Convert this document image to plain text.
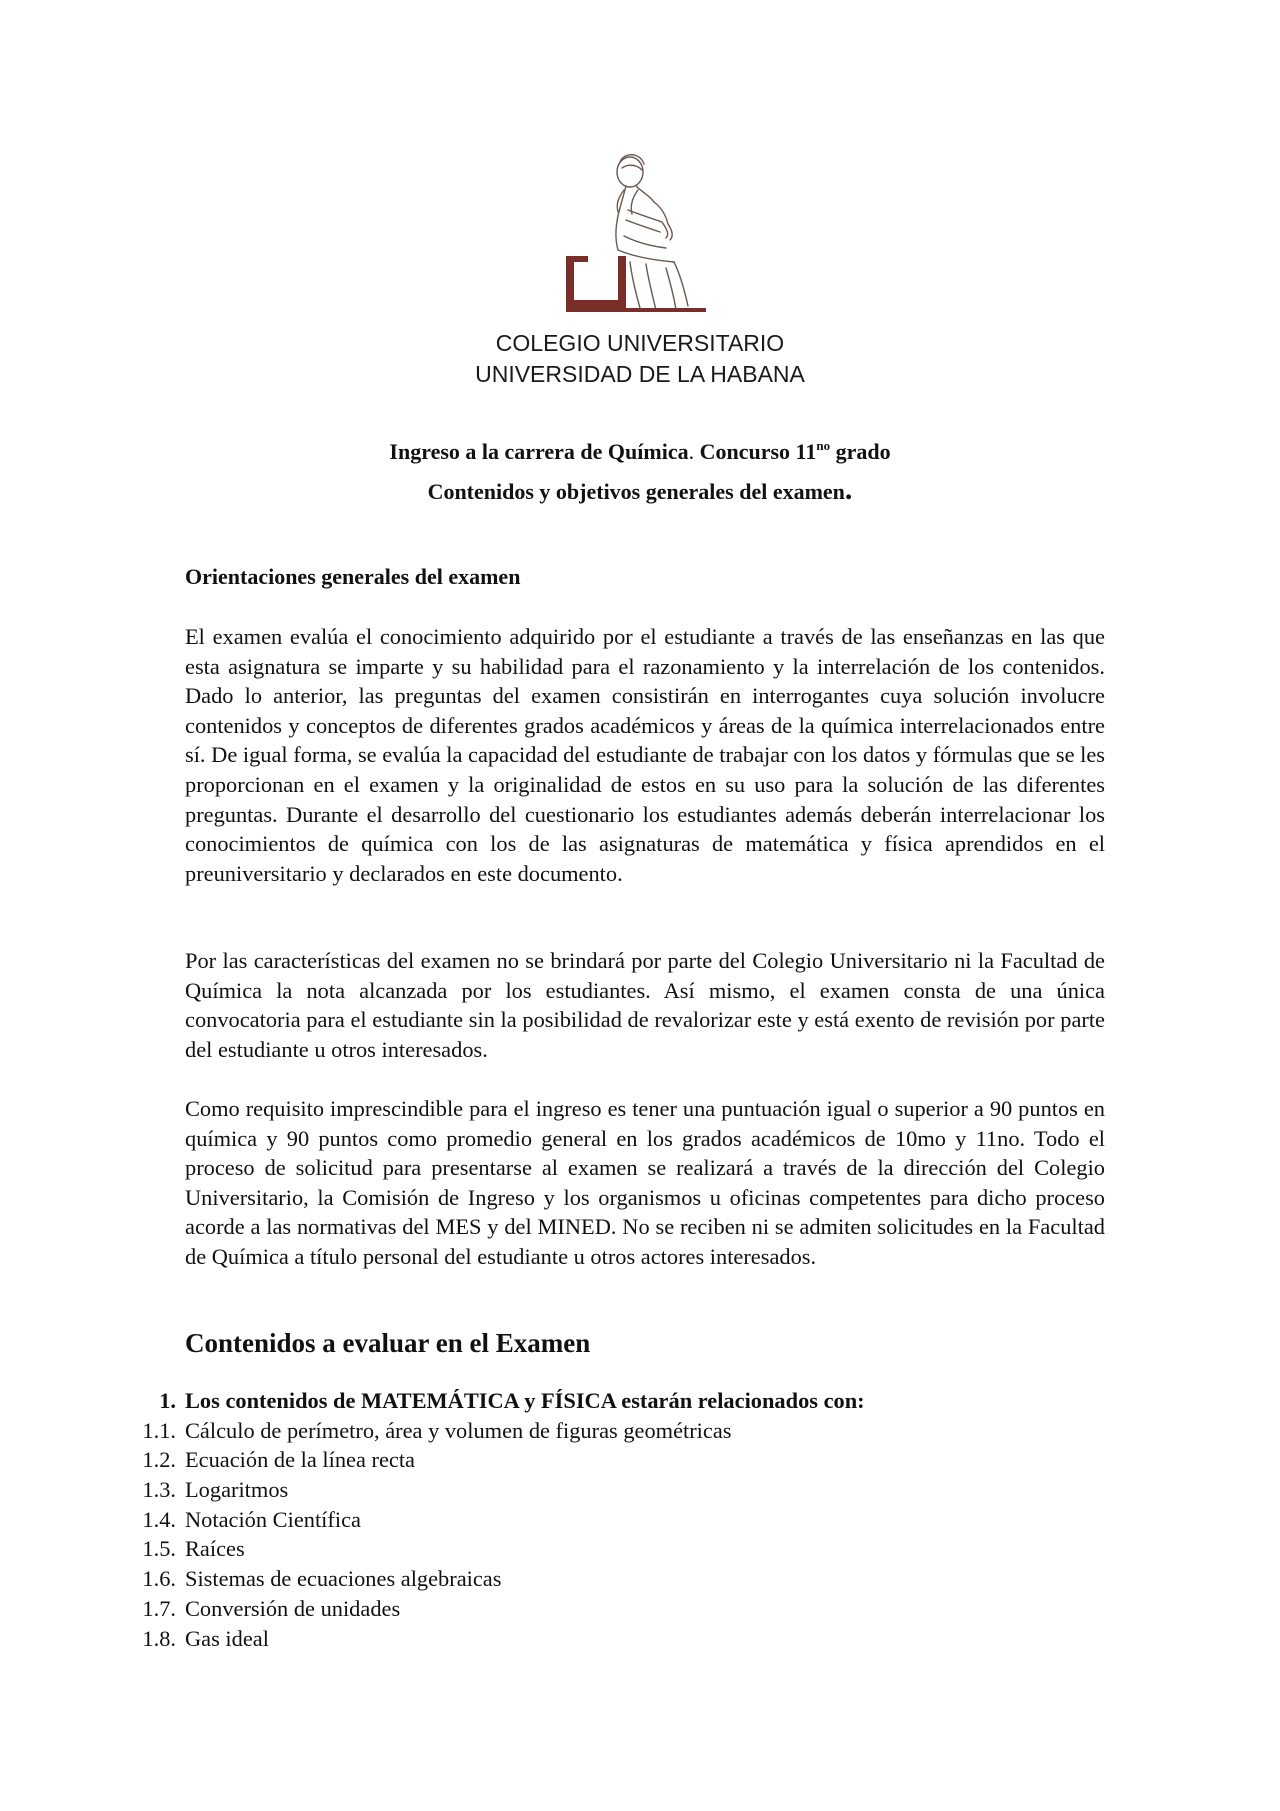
COLEGIO UNIVERSITARIO
UNIVERSIDAD DE LA HABANA
Ingreso a la carrera de Química. Concurso $11^{no}$ grado
Contenidos y objetivos generales del examen.
Orientaciones generales del examen

El examen evalúa el conocimiento adquirido por el estudiante a través de las enseñanzas en las que esta asignatura se imparte y su habilidad para el razonamiento y la interrelación de los contenidos. Dado lo anterior, las preguntas del examen consistirán en interrogantes cuya solución involucre contenidos y conceptos de diferentes grados académicos y áreas de la química interrelacionados entre sí. De igual forma, se evalúa la capacidad del estudiante de trabajar con los datos y fórmulas que se les proporcionan en el examen y la originalidad de estos en su uso para la solución de las diferentes preguntas. Durante el desarrollo del cuestionario los estudiantes además deberán interrelacionar los conocimientos de química con los de las asignaturas de matemática y física aprendidos en el preuniversitario y declarados en este documento.

Por las características del examen no se brindará por parte del Colegio Universitario ni la Facultad de Química la nota alcanzada por los estudiantes. Así mismo, el examen consta de una única convocatoria para el estudiante sin la posibilidad de revalorizar este y está exento de revisión por parte del estudiante u otros interesados.

Como requisito imprescindible para el ingreso es tener una puntuación igual o superior a 90 puntos en química y 90 puntos como promedio general en los grados académicos de 10mo y 11no. Todo el proceso de solicitud para presentarse al examen se realizará a través de la dirección del Colegio Universitario, la Comisión de Ingreso y los organismos u oficinas competentes para dicho proceso acorde a las normativas del MES y del MINED. No se reciben ni se admiten solicitudes en la Facultad de Química a título personal del estudiante u otros actores interesados.

Contenidos a evaluar en el Examen
1. Los contenidos de MATEMÁTICA y FÍSICA estarán relacionados con:
1.1. Cálculo de perímetro, área y volumen de figuras geométricas
1.2. Ecuación de la línea recta
1.3. Logaritmos
1.4. Notación Científica
1.5. Raíces
1.6. Sistemas de ecuaciones algebraicas
1.7. Conversión de unidades
1.8. Gas ideal
